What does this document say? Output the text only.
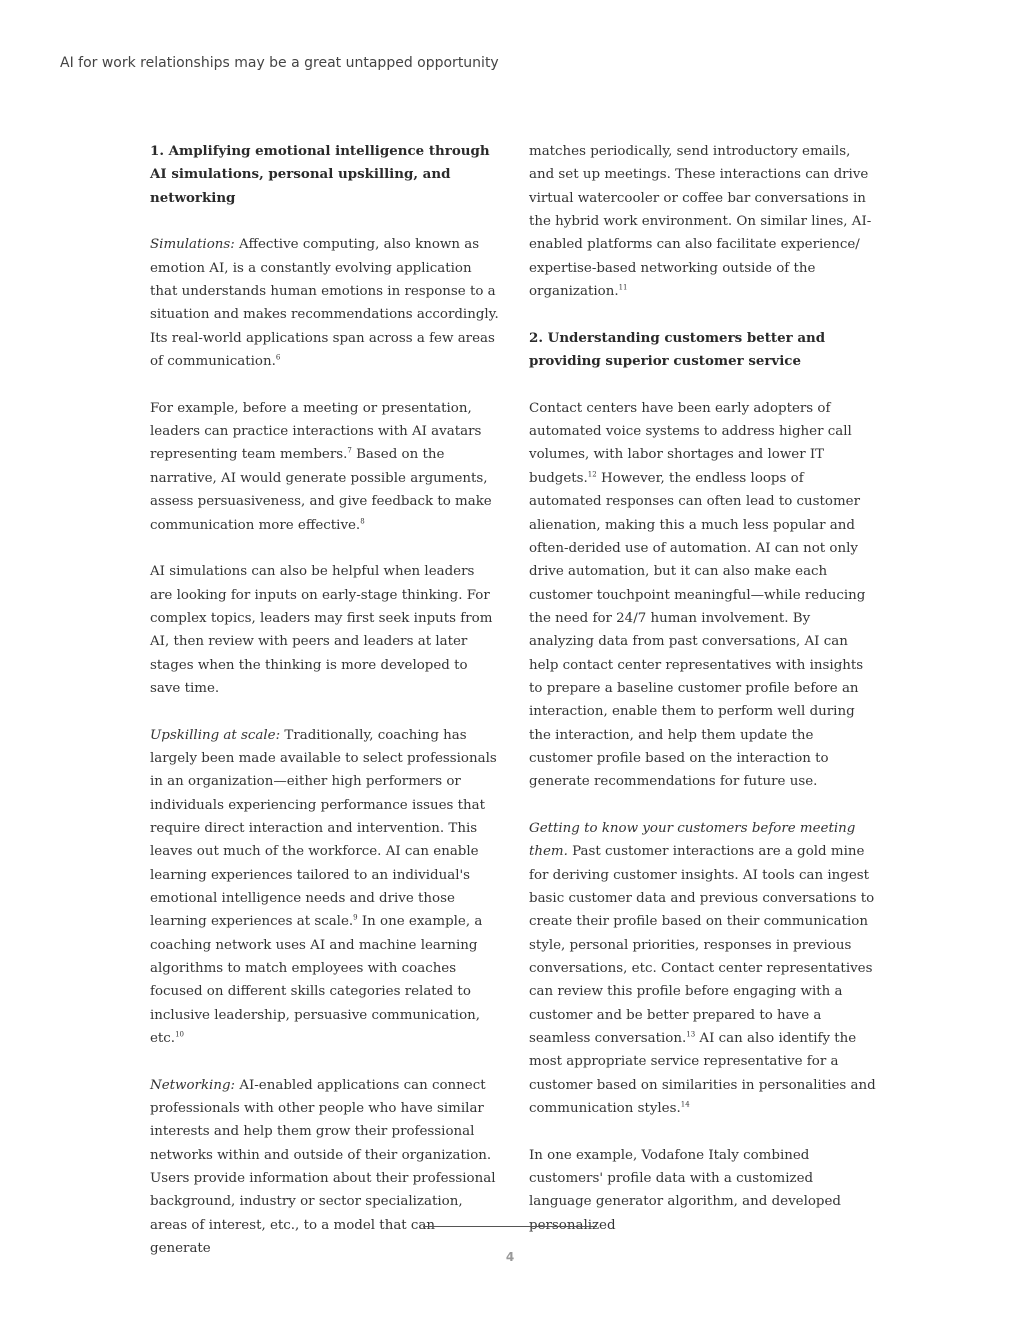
AI for work relationships may be a great untapped opportunity
1. Amplifying emotional intelligence through AI simulations, personal upskilling, and networking

Simulations: Affective computing, also known as emotion AI, is a constantly evolving application that understands human emotions in response to a situation and makes recommendations accordingly. Its real-world applications span across a few areas of communication.$^6$

For example, before a meeting or presentation, leaders can practice interactions with AI avatars representing team members.$^7$ Based on the narrative, AI would generate possible arguments, assess persuasiveness, and give feedback to make communication more effective.$^8$

AI simulations can also be helpful when leaders are looking for inputs on early-stage thinking. For complex topics, leaders may first seek inputs from AI, then review with peers and leaders at later stages when the thinking is more developed to save time.

Upskilling at scale: Traditionally, coaching has largely been made available to select professionals in an organization—either high performers or individuals experiencing performance issues that require direct interaction and intervention. This leaves out much of the workforce. AI can enable learning experiences tailored to an individual's emotional intelligence needs and drive those learning experiences at scale.$^9$ In one example, a coaching network uses AI and machine learning algorithms to match employees with coaches focused on different skills categories related to inclusive leadership, persuasive communication, etc.$^{10}$

Networking: AI-enabled applications can connect professionals with other people who have similar interests and help them grow their professional networks within and outside of their organization. Users provide information about their professional background, industry or sector specialization, areas of interest, etc., to a model that can generate

matches periodically, send introductory emails, and set up meetings. These interactions can drive virtual watercooler or coffee bar conversations in the hybrid work environment. On similar lines, AI-enabled platforms can also facilitate experience/ expertise-based networking outside of the organization.$^{11}$

2. Understanding customers better and providing superior customer service

Contact centers have been early adopters of automated voice systems to address higher call volumes, with labor shortages and lower IT budgets.$^{12}$ However, the endless loops of automated responses can often lead to customer alienation, making this a much less popular and often-derided use of automation. AI can not only drive automation, but it can also make each customer touchpoint meaningful—while reducing the need for 24/7 human involvement. By analyzing data from past conversations, AI can help contact center representatives with insights to prepare a baseline customer profile before an interaction, enable them to perform well during the interaction, and help them update the customer profile based on the interaction to generate recommendations for future use.

Getting to know your customers before meeting them. Past customer interactions are a gold mine for deriving customer insights. AI tools can ingest basic customer data and previous conversations to create their profile based on their communication style, personal priorities, responses in previous conversations, etc. Contact center representatives can review this profile before engaging with a customer and be better prepared to have a seamless conversation.$^{13}$ AI can also identify the most appropriate service representative for a customer based on similarities in personalities and communication styles.$^{14}$

In one example, Vodafone Italy combined customers' profile data with a customized language generator algorithm, and developed personalized

4
